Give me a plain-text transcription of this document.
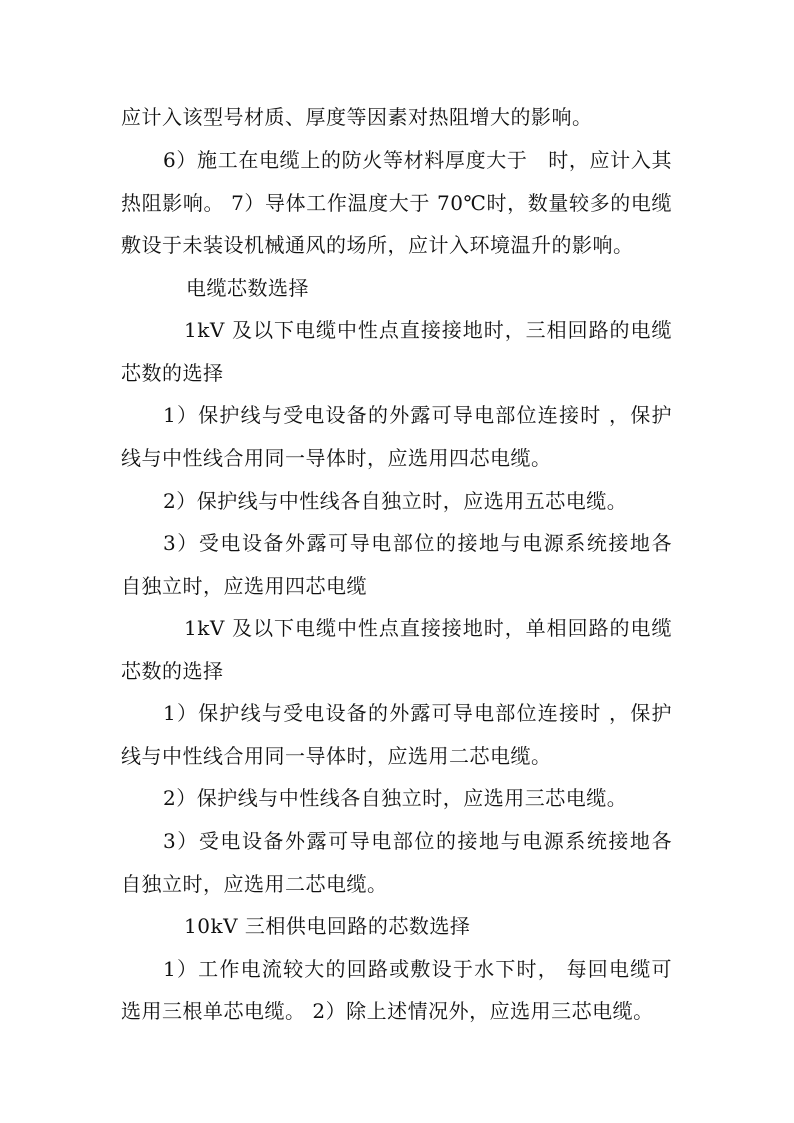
应计入该型号材质、厚度等因素对热阻增大的影响。

6）施工在电缆上的防火等材料厚度大于　时，应计入其

热阻影响。 7）导体工作温度大于 70℃时，数量较多的电缆

敷设于未装设机械通风的场所，应计入环境温升的影响。

电缆芯数选择

1kV 及以下电缆中性点直接接地时，三相回路的电缆

芯数的选择

1）保护线与受电设备的外露可导电部位连接时 ，保护

线与中性线合用同一导体时，应选用四芯电缆。

2）保护线与中性线各自独立时，应选用五芯电缆。

3）受电设备外露可导电部位的接地与电源系统接地各

自独立时，应选用四芯电缆

1kV 及以下电缆中性点直接接地时，单相回路的电缆

芯数的选择

1）保护线与受电设备的外露可导电部位连接时 ，保护

线与中性线合用同一导体时，应选用二芯电缆。

2）保护线与中性线各自独立时，应选用三芯电缆。

3）受电设备外露可导电部位的接地与电源系统接地各

自独立时，应选用二芯电缆。

10kV 三相供电回路的芯数选择

1）工作电流较大的回路或敷设于水下时， 每回电缆可

选用三根单芯电缆。 2）除上述情况外，应选用三芯电缆。
